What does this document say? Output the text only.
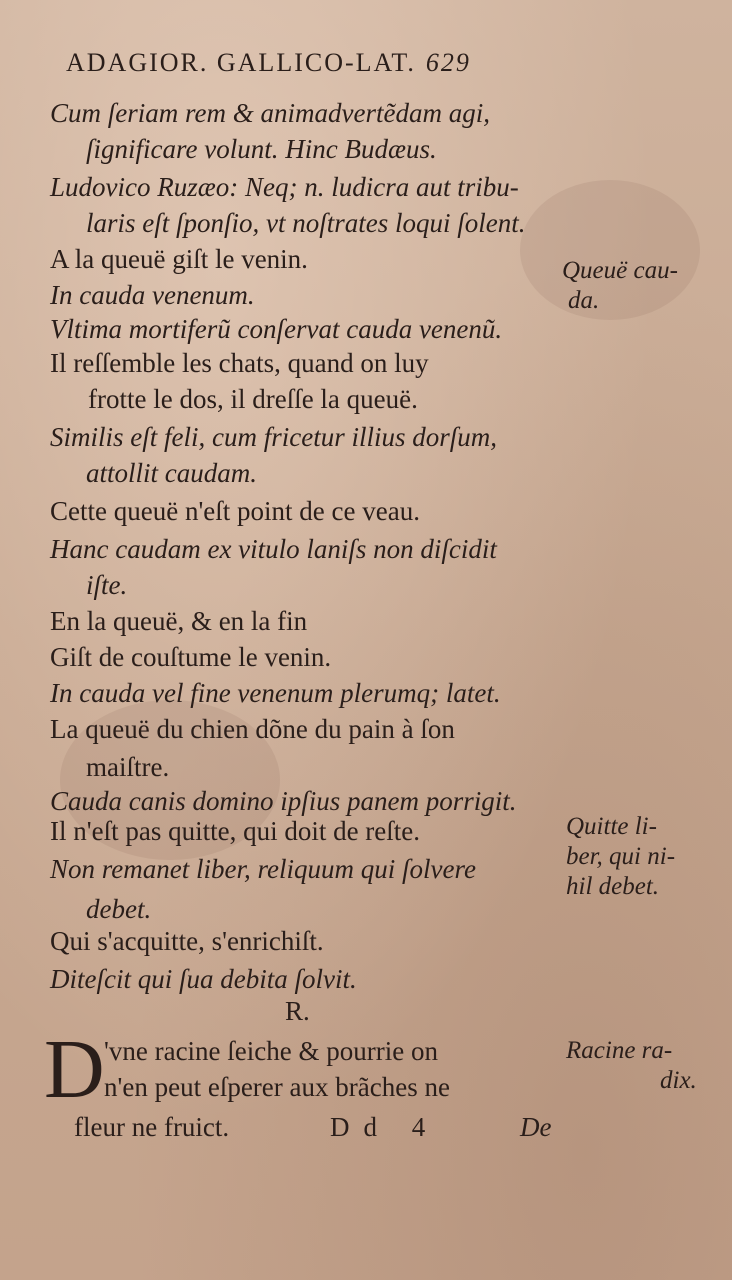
ADAGIOR. GALLICO-LAT. 629
Cum ſeriam rem & animadvertẽdam agi,
ſignificare volunt. Hinc Budæus.
Ludovico Ruzæo: Neq; n. ludicra aut tribu-
laris eſt ſponſio, vt noſtrates loqui ſolent.
A la queuë giſt le venin.
In cauda venenum.
Vltima mortiferũ conſervat cauda venenũ.
Il reſſemble les chats, quand on luy
frotte le dos, il dreſſe la queuë.
Similis eſt feli, cum fricetur illius dorſum,
attollit caudam.
Cette queuë n'eſt point de ce veau.
Hanc caudam ex vitulo laniſs non diſcidit
iſte.
En la queuë, & en la fin
Giſt de couſtume le venin.
In cauda vel fine venenum plerumq; latet.
La queuë du chien dõne du pain à ſon
maiſtre.
Cauda canis domino ipſius panem porrigit.
Il n'eſt pas quitte, qui doit de reſte.
Non remanet liber, reliquum qui ſolvere
debet.
Qui s'acquitte, s'enrichiſt.
Diteſcit qui ſua debita ſolvit.
R.
D 'vne racine ſeiche & pourrie on
n'en peut eſperer aux brãches ne
fleur ne fruict.	Dd 4	De
Queuë cau-
da.
Quitte li-
ber, qui ni-
hil debet.
Racine ra-
dix.
